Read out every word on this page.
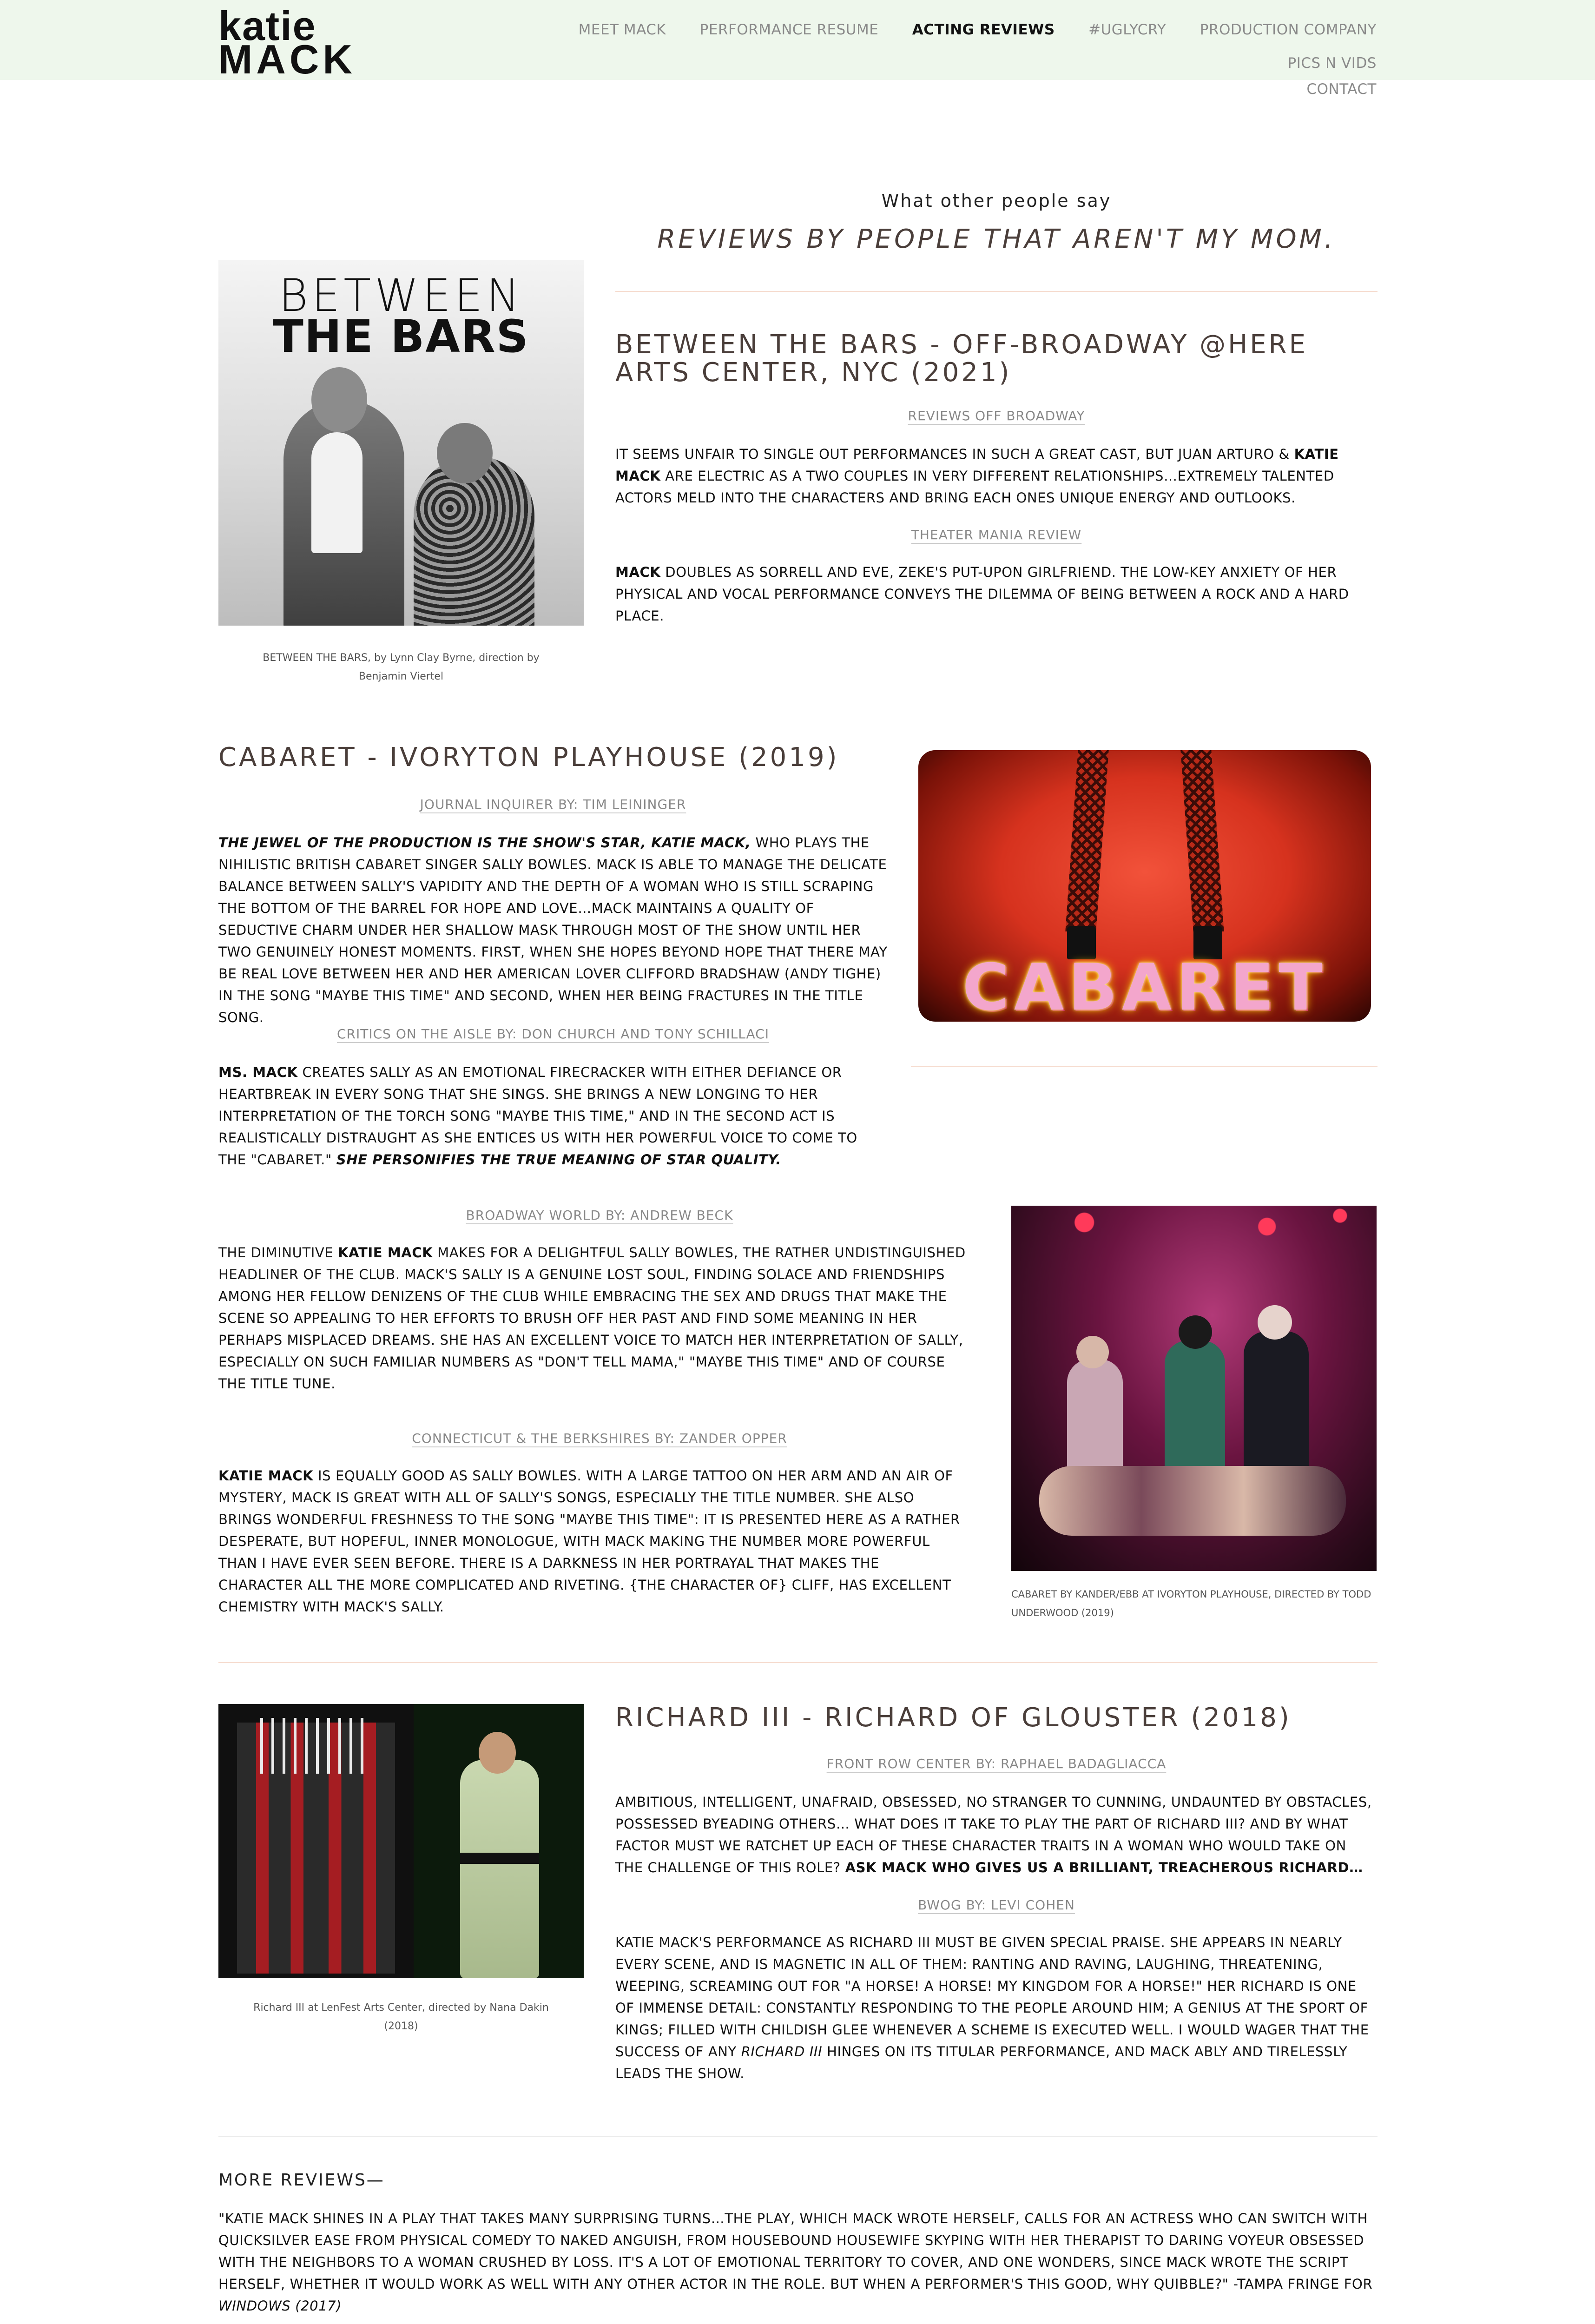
katie
MACK
MEET MACK PERFORMANCE RESUME ACTING REVIEWS #UGLYCRY PRODUCTION COMPANY PICS N VIDS
CONTACT
What other people say
REVIEWS BY PEOPLE THAT AREN'T MY MOM.
BETWEEN
THE BARS
BETWEEN THE BARS, by Lynn Clay Byrne, direction by Benjamin Viertel
BETWEEN THE BARS - OFF-BROADWAY @HERE ARTS CENTER, NYC (2021)
REVIEWS OFF BROADWAY
IT SEEMS UNFAIR TO SINGLE OUT PERFORMANCES IN SUCH A GREAT CAST, BUT JUAN ARTURO & KATIE MACK ARE ELECTRIC AS A TWO COUPLES IN VERY DIFFERENT RELATIONSHIPS…EXTREMELY TALENTED ACTORS MELD INTO THE CHARACTERS AND BRING EACH ONES UNIQUE ENERGY AND OUTLOOKS.
THEATER MANIA REVIEW
MACK DOUBLES AS SORRELL AND EVE, ZEKE'S PUT-UPON GIRLFRIEND. THE LOW-KEY ANXIETY OF HER PHYSICAL AND VOCAL PERFORMANCE CONVEYS THE DILEMMA OF BEING BETWEEN A ROCK AND A HARD PLACE.
CABARET - IVORYTON PLAYHOUSE (2019)
JOURNAL INQUIRER BY: TIM LEININGER
THE JEWEL OF THE PRODUCTION IS THE SHOW'S STAR, KATIE MACK, WHO PLAYS THE NIHILISTIC BRITISH CABARET SINGER SALLY BOWLES. MACK IS ABLE TO MANAGE THE DELICATE BALANCE BETWEEN SALLY'S VAPIDITY AND THE DEPTH OF A WOMAN WHO IS STILL SCRAPING THE BOTTOM OF THE BARREL FOR HOPE AND LOVE…MACK MAINTAINS A QUALITY OF SEDUCTIVE CHARM UNDER HER SHALLOW MASK THROUGH MOST OF THE SHOW UNTIL HER TWO GENUINELY HONEST MOMENTS. FIRST, WHEN SHE HOPES BEYOND HOPE THAT THERE MAY BE REAL LOVE BETWEEN HER AND HER AMERICAN LOVER CLIFFORD BRADSHAW (ANDY TIGHE) IN THE SONG "MAYBE THIS TIME" AND SECOND, WHEN HER BEING FRACTURES IN THE TITLE SONG.
CRITICS ON THE AISLE BY: DON CHURCH AND TONY SCHILLACI
MS. MACK CREATES SALLY AS AN EMOTIONAL FIRECRACKER WITH EITHER DEFIANCE OR HEARTBREAK IN EVERY SONG THAT SHE SINGS. SHE BRINGS A NEW LONGING TO HER INTERPRETATION OF THE TORCH SONG "MAYBE THIS TIME," AND IN THE SECOND ACT IS REALISTICALLY DISTRAUGHT AS SHE ENTICES US WITH HER POWERFUL VOICE TO COME TO THE "CABARET." SHE PERSONIFIES THE TRUE MEANING OF STAR QUALITY.
CABARET
BROADWAY WORLD BY: ANDREW BECK
THE DIMINUTIVE KATIE MACK MAKES FOR A DELIGHTFUL SALLY BOWLES, THE RATHER UNDISTINGUISHED HEADLINER OF THE CLUB. MACK'S SALLY IS A GENUINE LOST SOUL, FINDING SOLACE AND FRIENDSHIPS AMONG HER FELLOW DENIZENS OF THE CLUB WHILE EMBRACING THE SEX AND DRUGS THAT MAKE THE SCENE SO APPEALING TO HER EFFORTS TO BRUSH OFF HER PAST AND FIND SOME MEANING IN HER PERHAPS MISPLACED DREAMS. SHE HAS AN EXCELLENT VOICE TO MATCH HER INTERPRETATION OF SALLY, ESPECIALLY ON SUCH FAMILIAR NUMBERS AS "DON'T TELL MAMA," "MAYBE THIS TIME" AND OF COURSE THE TITLE TUNE.
CONNECTICUT & THE BERKSHIRES BY: ZANDER OPPER
KATIE MACK IS EQUALLY GOOD AS SALLY BOWLES. WITH A LARGE TATTOO ON HER ARM AND AN AIR OF MYSTERY, MACK IS GREAT WITH ALL OF SALLY'S SONGS, ESPECIALLY THE TITLE NUMBER. SHE ALSO BRINGS WONDERFUL FRESHNESS TO THE SONG "MAYBE THIS TIME": IT IS PRESENTED HERE AS A RATHER DESPERATE, BUT HOPEFUL, INNER MONOLOGUE, WITH MACK MAKING THE NUMBER MORE POWERFUL THAN I HAVE EVER SEEN BEFORE. THERE IS A DARKNESS IN HER PORTRAYAL THAT MAKES THE CHARACTER ALL THE MORE COMPLICATED AND RIVETING. {THE CHARACTER OF} CLIFF, HAS EXCELLENT CHEMISTRY WITH MACK'S SALLY.
CABARET BY KANDER/EBB AT IVORYTON PLAYHOUSE, DIRECTED BY TODD UNDERWOOD (2019)
Richard III at LenFest Arts Center, directed by Nana Dakin (2018)
RICHARD III - RICHARD OF GLOUSTER (2018)
FRONT ROW CENTER BY: RAPHAEL BADAGLIACCA
AMBITIOUS, INTELLIGENT, UNAFRAID, OBSESSED, NO STRANGER TO CUNNING, UNDAUNTED BY OBSTACLES, POSSESSED BYEADING OTHERS… WHAT DOES IT TAKE TO PLAY THE PART OF RICHARD III? AND BY WHAT FACTOR MUST WE RATCHET UP EACH OF THESE CHARACTER TRAITS IN A WOMAN WHO WOULD TAKE ON THE CHALLENGE OF THIS ROLE? ASK MACK WHO GIVES US A BRILLIANT, TREACHEROUS RICHARD…
BWOG BY: LEVI COHEN
KATIE MACK'S PERFORMANCE AS RICHARD III MUST BE GIVEN SPECIAL PRAISE. SHE APPEARS IN NEARLY EVERY SCENE, AND IS MAGNETIC IN ALL OF THEM: RANTING AND RAVING, LAUGHING, THREATENING, WEEPING, SCREAMING OUT FOR "A HORSE! A HORSE! MY KINGDOM FOR A HORSE!" HER RICHARD IS ONE OF IMMENSE DETAIL: CONSTANTLY RESPONDING TO THE PEOPLE AROUND HIM; A GENIUS AT THE SPORT OF KINGS; FILLED WITH CHILDISH GLEE WHENEVER A SCHEME IS EXECUTED WELL. I WOULD WAGER THAT THE SUCCESS OF ANY RICHARD III HINGES ON ITS TITULAR PERFORMANCE, AND MACK ABLY AND TIRELESSLY LEADS THE SHOW.
MORE REVIEWS—
"KATIE MACK SHINES IN A PLAY THAT TAKES MANY SURPRISING TURNS…THE PLAY, WHICH MACK WROTE HERSELF, CALLS FOR AN ACTRESS WHO CAN SWITCH WITH QUICKSILVER EASE FROM PHYSICAL COMEDY TO NAKED ANGUISH, FROM HOUSEBOUND HOUSEWIFE SKYPING WITH HER THERAPIST TO DARING VOYEUR OBSESSED WITH THE NEIGHBORS TO A WOMAN CRUSHED BY LOSS. IT'S A LOT OF EMOTIONAL TERRITORY TO COVER, AND ONE WONDERS, SINCE MACK WROTE THE SCRIPT HERSELF, WHETHER IT WOULD WORK AS WELL WITH ANY OTHER ACTOR IN THE ROLE. BUT WHEN A PERFORMER'S THIS GOOD, WHY QUIBBLE?" -TAMPA FRINGE FOR WINDOWS (2017)
